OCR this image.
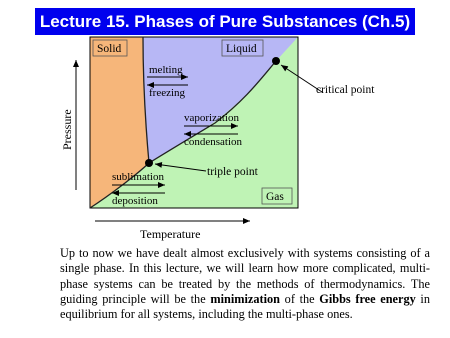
Lecture 15. Phases of Pure Substances (Ch.5)
Solid	Liquid
Gas
melting
freezing
vaporization
condensation
sublimation
deposition
critical point
triple point
Pressure
Temperature
Up to now we have dealt almost exclusively with systems consisting of a single phase. In this lecture, we will learn how more complicated, multi-phase systems can be treated by the methods of thermodynamics. The guiding principle will be the minimization of the Gibbs free energy in equilibrium for all systems, including the multi-phase ones.
